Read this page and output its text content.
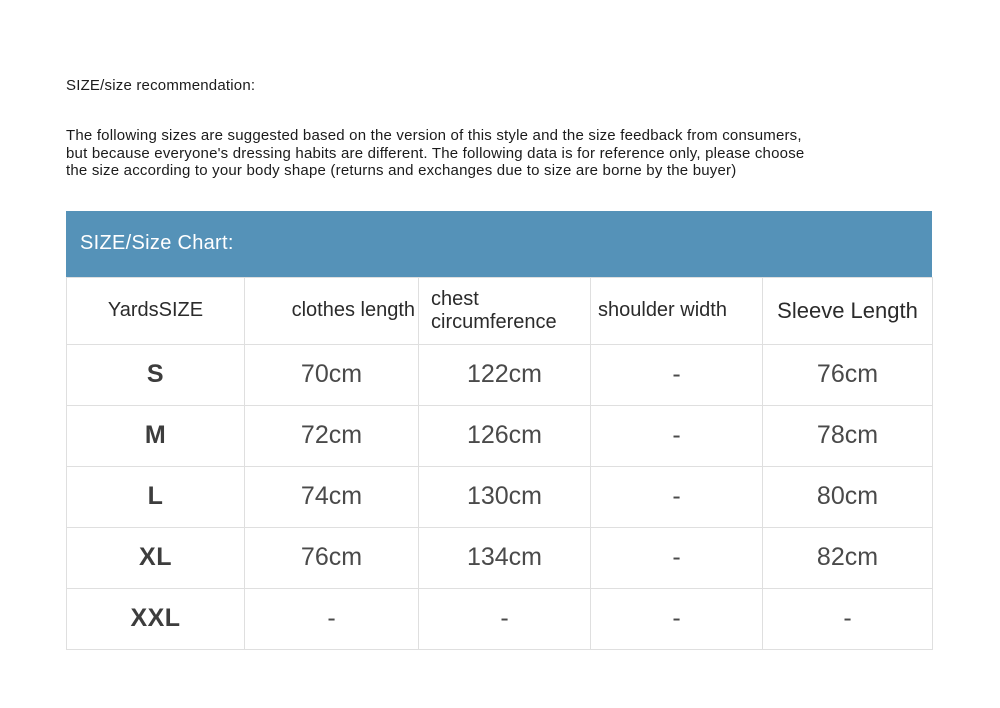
SIZE/size recommendation:

The following sizes are suggested based on the version of this style and the size feedback from consumers,
but because everyone's dressing habits are different. The following data is for reference only, please choose
the size according to your body shape (returns and exchanges due to size are borne by the buyer)

SIZE/Size Chart:
YardsSIZE	clothes length	chest circumference	shoulder width	Sleeve Length
S	70cm	122cm	-	76cm
M	72cm	126cm	-	78cm
L	74cm	130cm	-	80cm
XL	76cm	134cm	-	82cm
XXL	-	-	-	-
